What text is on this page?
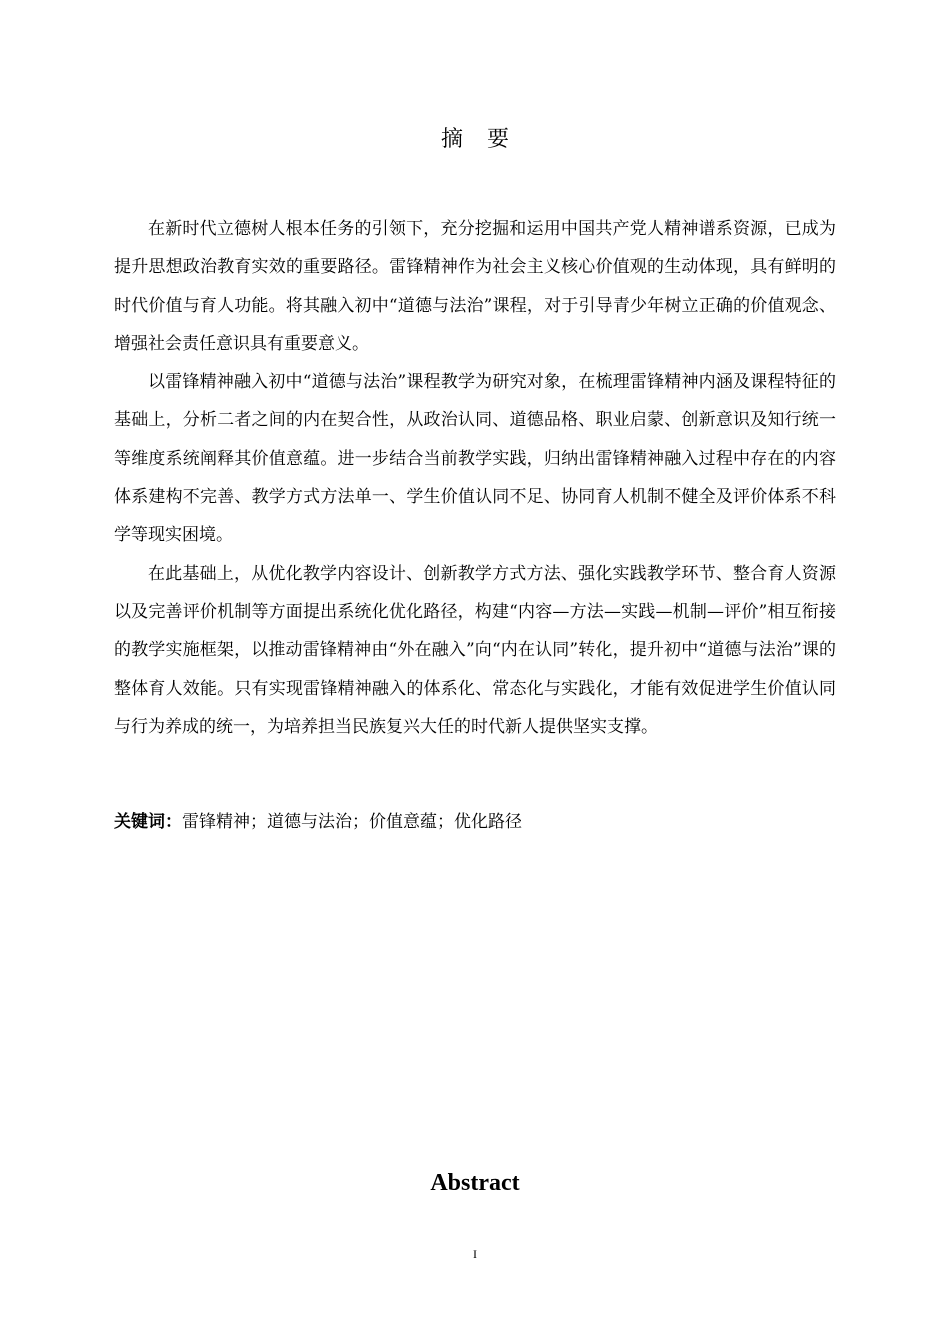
摘要

在新时代立德树人根本任务的引领下，充分挖掘和运用中国共产党人精神谱系资源，已成为提升思想政治教育实效的重要路径。雷锋精神作为社会主义核心价值观的生动体现，具有鲜明的时代价值与育人功能。将其融入初中“道德与法治”课程，对于引导青少年树立正确的价值观念、增强社会责任意识具有重要意义。

以雷锋精神融入初中“道德与法治”课程教学为研究对象，在梳理雷锋精神内涵及课程特征的基础上，分析二者之间的内在契合性，从政治认同、道德品格、职业启蒙、创新意识及知行统一等维度系统阐释其价值意蕴。进一步结合当前教学实践，归纳出雷锋精神融入过程中存在的内容体系建构不完善、教学方式方法单一、学生价值认同不足、协同育人机制不健全及评价体系不科学等现实困境。

在此基础上，从优化教学内容设计、创新教学方式方法、强化实践教学环节、整合育人资源以及完善评价机制等方面提出系统化优化路径，构建“内容—方法—实践—机制—评价”相互衔接的教学实施框架，以推动雷锋精神由“外在融入”向“内在认同”转化，提升初中“道德与法治”课的整体育人效能。只有实现雷锋精神融入的体系化、常态化与实践化，才能有效促进学生价值认同与行为养成的统一，为培养担当民族复兴大任的时代新人提供坚实支撑。

关键词：雷锋精神；道德与法治；价值意蕴；优化路径
Abstract
I
